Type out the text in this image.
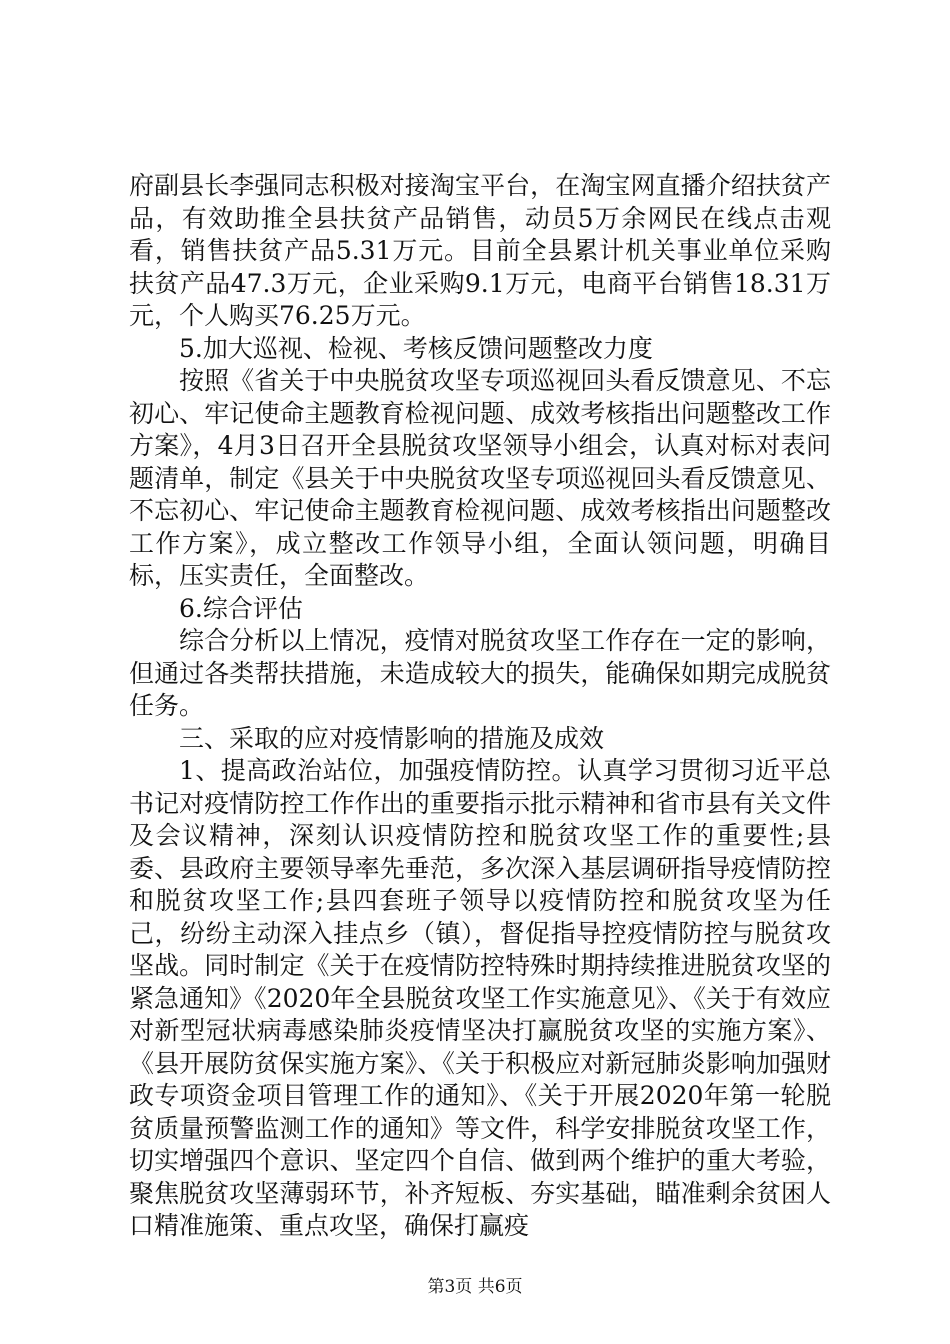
府副县长李强同志积极对接淘宝平台，在淘宝网直播介绍扶贫产品，有效助推全县扶贫产品销售，动员5万余网民在线点击观看，销售扶贫产品5.31万元。目前全县累计机关事业单位采购扶贫产品47.3万元，企业采购9.1万元，电商平台销售18.31万元，个人购买76.25万元。

5.加大巡视、检视、考核反馈问题整改力度

按照《省关于中央脱贫攻坚专项巡视回头看反馈意见、不忘初心、牢记使命主题教育检视问题、成效考核指出问题整改工作方案》，4月3日召开全县脱贫攻坚领导小组会，认真对标对表问题清单，制定《县关于中央脱贫攻坚专项巡视回头看反馈意见、不忘初心、牢记使命主题教育检视问题、成效考核指出问题整改工作方案》，成立整改工作领导小组，全面认领问题，明确目标，压实责任，全面整改。

6.综合评估

综合分析以上情况，疫情对脱贫攻坚工作存在一定的影响，但通过各类帮扶措施，未造成较大的损失，能确保如期完成脱贫任务。

三、采取的应对疫情影响的措施及成效

1、提高政治站位，加强疫情防控。认真学习贯彻习近平总书记对疫情防控工作作出的重要指示批示精神和省市县有关文件及会议精神，深刻认识疫情防控和脱贫攻坚工作的重要性;县委、县政府主要领导率先垂范，多次深入基层调研指导疫情防控和脱贫攻坚工作;县四套班子领导以疫情防控和脱贫攻坚为任己，纷纷主动深入挂点乡（镇），督促指导控疫情防控与脱贫攻坚战。同时制定《关于在疫情防控特殊时期持续推进脱贫攻坚的紧急通知》《2020年全县脱贫攻坚工作实施意见》、《关于有效应对新型冠状病毒感染肺炎疫情坚决打赢脱贫攻坚的实施方案》、《县开展防贫保实施方案》、《关于积极应对新冠肺炎影响加强财政专项资金项目管理工作的通知》、《关于开展2020年第一轮脱贫质量预警监测工作的通知》等文件，科学安排脱贫攻坚工作，切实增强四个意识、坚定四个自信、做到两个维护的重大考验，聚焦脱贫攻坚薄弱环节，补齐短板、夯实基础，瞄准剩余贫困人口精准施策、重点攻坚，确保打赢疫

第3页 共6页
